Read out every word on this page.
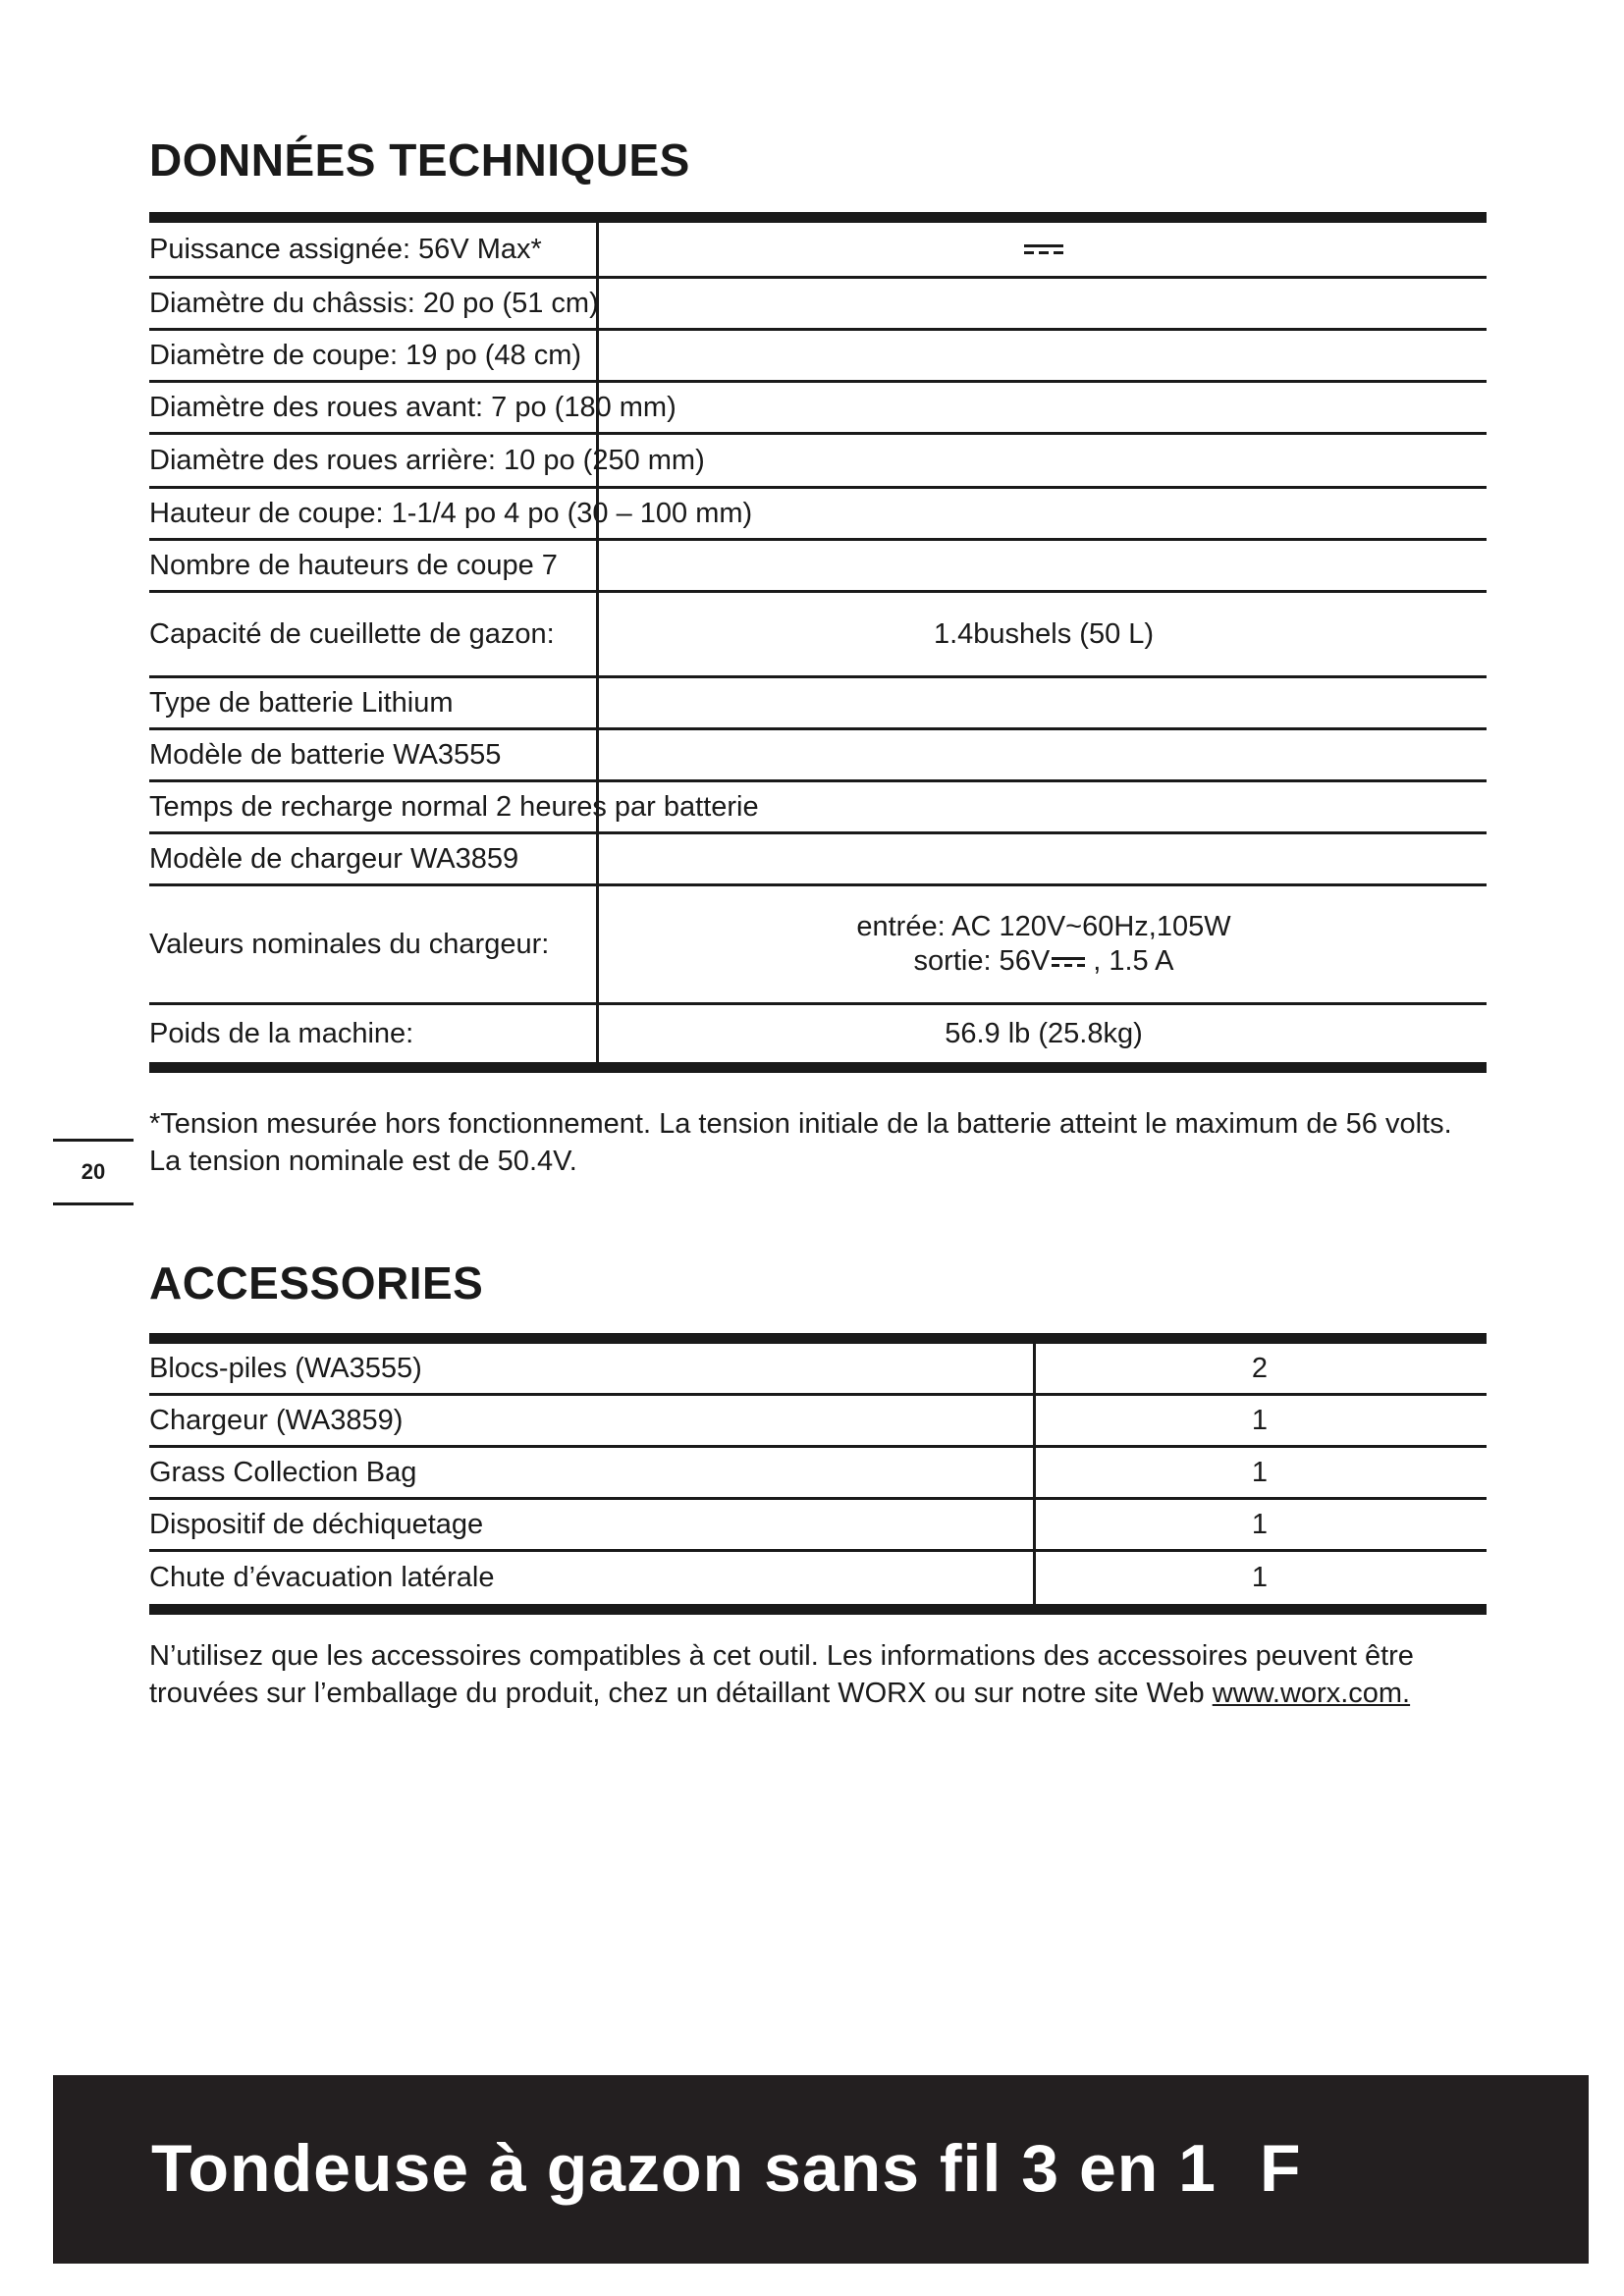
DONNÉES TECHNIQUES
Puissance assignée: 56V Max*
Diamètre du châssis: 20 po (51 cm)
Diamètre de coupe: 19 po (48 cm)
Diamètre des roues avant: 7 po (180 mm)
Diamètre des roues arrière: 10 po (250 mm)
Hauteur de coupe: 1-1/4 po 4 po (30 – 100 mm)
Nombre de hauteurs de coupe 7
Capacité de cueillette de gazon:	1.4bushels (50 L)
Type de batterie Lithium
Modèle de batterie WA3555
Temps de recharge normal 2 heures par batterie
Modèle de chargeur WA3859
Valeurs nominales du chargeur:
entrée: AC 120V~60Hz,105W
sortie: 56V , 1.5 A
Poids de la machine:	56.9 lb (25.8kg)

*Tension mesurée hors fonctionnement. La tension initiale de la batterie atteint le maximum de 56 volts. La tension nominale est de 50.4V.

20
ACCESSORIES
Blocs-piles (WA3555)	2
Chargeur (WA3859)	1
Grass Collection Bag	1
Dispositif de déchiquetage	1
Chute d’évacuation latérale	1

N’utilisez que les accessoires compatibles à cet outil. Les informations des accessoires peuvent être trouvées sur l’emballage du produit, chez un détaillant WORX ou sur notre site Web www.worx.com.

Tondeuse à gazon sans fil 3 en 1 F
